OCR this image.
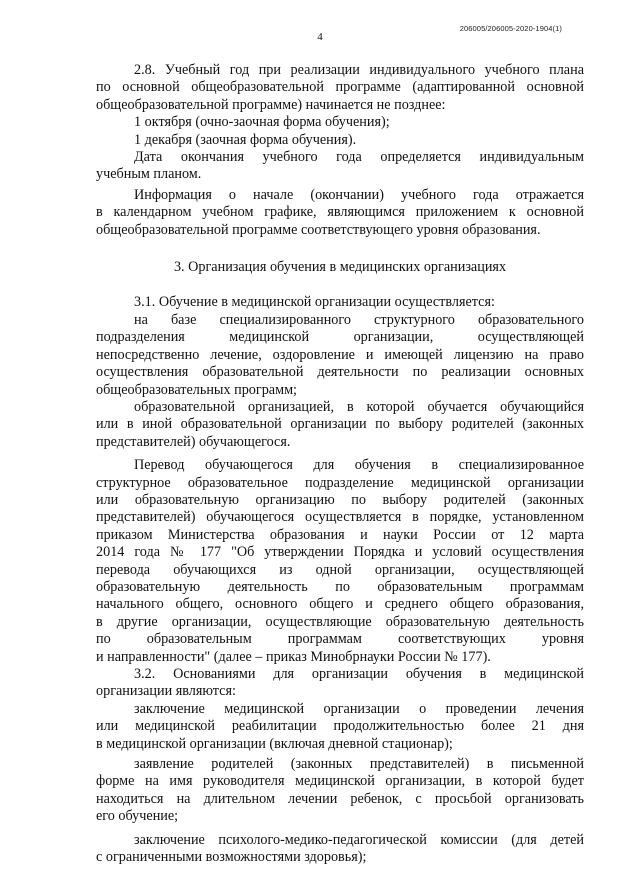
206005/206005-2020-1904(1)
4

2.8. Учебный год при реализации индивидуального учебного плана

по основной общеобразовательной программе (адаптированной основной

общеобразовательной программе) начинается не позднее:

1 октября (очно-заочная форма обучения);

1 декабря (заочная форма обучения).

Дата окончания учебного года определяется индивидуальным

учебным планом.

Информация о начале (окончании) учебного года отражается

в календарном учебном графике, являющимся приложением к основной

общеобразовательной программе соответствующего уровня образования.

3. Организация обучения в медицинских организациях

3.1. Обучение в медицинской организации осуществляется:

на базе специализированного структурного образовательного

подразделения медицинской организации, осуществляющей

непосредственно лечение, оздоровление и имеющей лицензию на право

осуществления образовательной деятельности по реализации основных

общеобразовательных программ;

образовательной организацией, в которой обучается обучающийся

или в иной образовательной организации по выбору родителей (законных

представителей) обучающегося.

Перевод обучающегося для обучения в специализированное

структурное образовательное подразделение медицинской организации

или образовательную организацию по выбору родителей (законных

представителей) обучающегося осуществляется в порядке, установленном

приказом Министерства образования и науки России от 12 марта

2014 года № 177 "Об утверждении Порядка и условий осуществления

перевода обучающихся из одной организации, осуществляющей

образовательную деятельность по образовательным программам

начального общего, основного общего и среднего общего образования,

в другие организации, осуществляющие образовательную деятельность

по образовательным программам соответствующих уровня

и направленности" (далее – приказ Минобрнауки России № 177).

3.2. Основаниями для организации обучения в медицинской

организации являются:

заключение медицинской организации о проведении лечения

или медицинской реабилитации продолжительностью более 21 дня

в медицинской организации (включая дневной стационар);

заявление родителей (законных представителей) в письменной

форме на имя руководителя медицинской организации, в которой будет

находиться на длительном лечении ребенок, с просьбой организовать

его обучение;

заключение психолого-медико-педагогической комиссии (для детей

с ограниченными возможностями здоровья);
